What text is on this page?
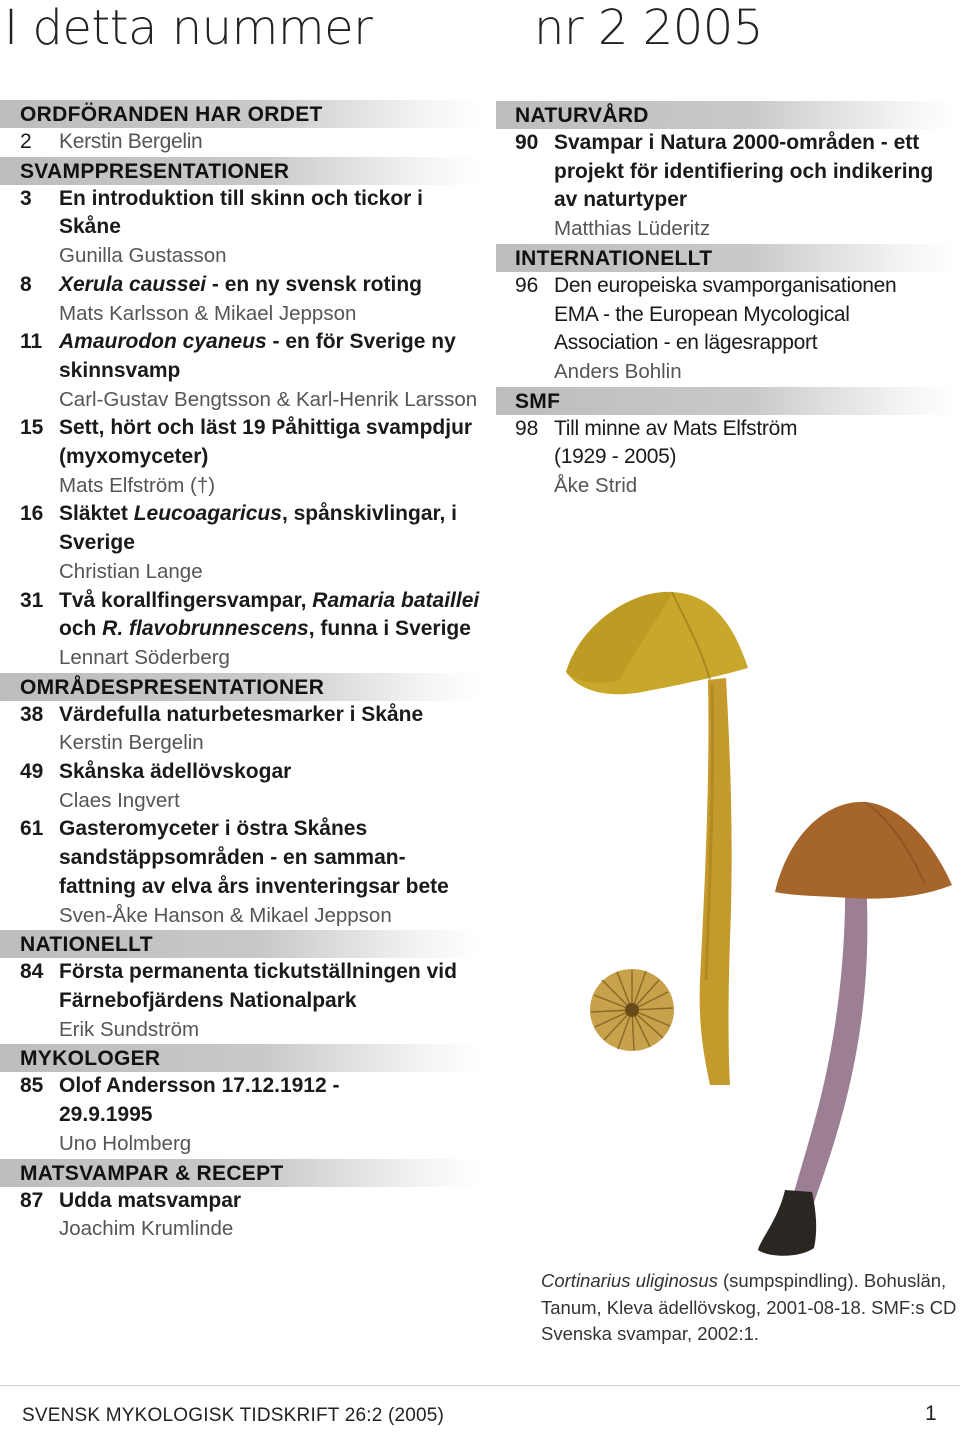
I detta nummer	nr 2 2005
ORDFÖRANDEN HAR ORDET
2 Kerstin Bergelin
SVAMPPRESENTATIONER
3 En introduktion till skinn och tickor i Skåne
Gunilla Gustasson
8 Xerula caussei - en ny svensk roting
Mats Karlsson & Mikael Jeppson
11 Amaurodon cyaneus - en för Sverige ny skinnsvamp
Carl-Gustav Bengtsson & Karl-Henrik Larsson
15 Sett, hört och läst 19 Påhittiga svampdjur (myxomyceter)
Mats Elfström (†)
16 Släktet Leucoagaricus, spånskivlingar, i Sverige
Christian Lange
31 Två korallfingersvampar, Ramaria bataillei och R. flavobrunnescens, funna i Sverige
Lennart Söderberg
OMRÅDESPRESENTATIONER
38 Värdefulla naturbetesmarker i Skåne
Kerstin Bergelin
49 Skånska ädellövskogar
Claes Ingvert
61 Gasteromyceter i östra Skånes sandstäppsområden - en samman-fattning av elva års inventeringsar bete
Sven-Åke Hanson & Mikael Jeppson
NATIONELLT
84 Första permanenta tickutställningen vid Färnebofjärdens Nationalpark
Erik Sundström
MYKOLOGER
85 Olof Andersson 17.12.1912 - 29.9.1995
Uno Holmberg
MATSVAMPAR & RECEPT
87 Udda matsvampar
Joachim Krumlinde
NATURVÅRD
90 Svampar i Natura 2000-områden - ett projekt för identifiering och indikering av naturtyper
Matthias Lüderitz
INTERNATIONELLT
96 Den europeiska svamporganisationen EMA - the European Mycological Association - en lägesrapport
Anders Bohlin
SMF
98 Till minne av Mats Elfström (1929 - 2005)
Åke Strid
Cortinarius uliginosus (sumpspindling). Bohuslän, Tanum, Kleva ädellövskog, 2001-08-18. SMF:s CD Svenska svampar, 2002:1.
SVENSK MYKOLOGISK TIDSKRIFT 26:2 (2005)	1
